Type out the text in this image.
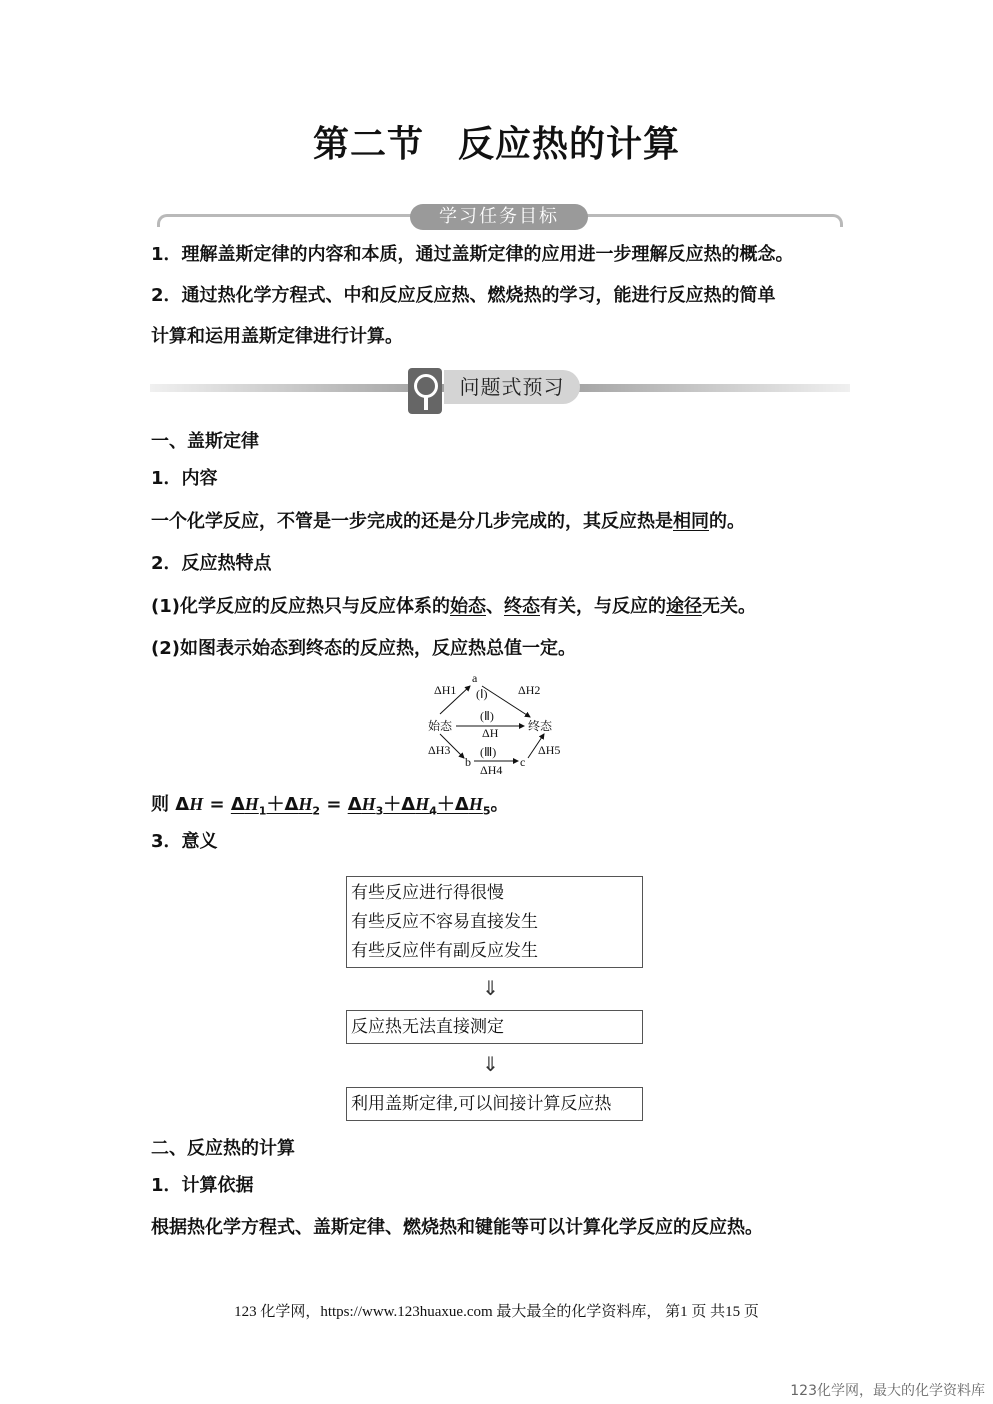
第二节 反应热的计算
学习任务目标
1．理解盖斯定律的内容和本质，通过盖斯定律的应用进一步理解反应热的概念。
2．通过热化学方程式、中和反应反应热、燃烧热的学习，能进行反应热的简单
计算和运用盖斯定律进行计算。
问题式预习
一、盖斯定律
1．内容
一个化学反应，不管是一步完成的还是分几步完成的，其反应热是相同的。
2．反应热特点
(1)化学反应的反应热只与反应体系的始态、终态有关，与反应的途径无关。
(2)如图表示始态到终态的反应热，反应热总值一定。
始态	终态
a
b	c
(Ⅰ)
(Ⅱ)
(Ⅲ)
ΔH1	ΔH2
ΔH
ΔH3
ΔH4
ΔH5
则 $\Delta H = \Delta H_1+\Delta H_2 = \Delta H_3+\Delta H_4+\Delta H_5$。
3．意义
有些反应进行得很慢
有些反应不容易直接发生
有些反应伴有副反应发生
⇓
反应热无法直接测定
⇓
利用盖斯定律,可以间接计算反应热
二、反应热的计算
1．计算依据
根据热化学方程式、盖斯定律、燃烧热和键能等可以计算化学反应的反应热。
123 化学网，https://www.123huaxue.com 最大最全的化学资料库， 第1 页 共15 页
123化学网，最大的化学资料库
